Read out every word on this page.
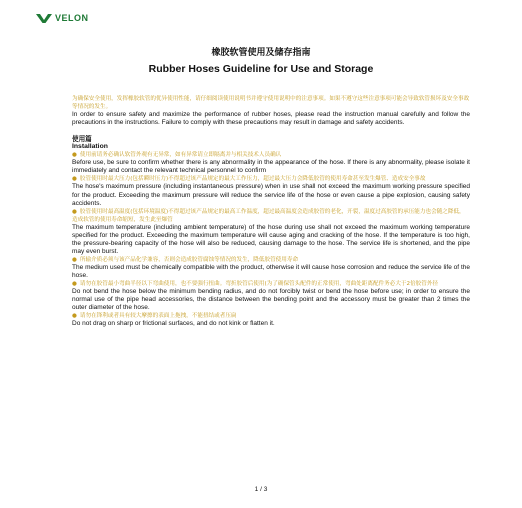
VELON
橡胶软管使用及储存指南
Rubber Hoses Guideline for Use and Storage
为确保安全使用，发挥橡胶软管的优异使用性能，请仔细阅读使用说明书并遵守使用说明中的注意事项。如果不遵守这些注意事项可能会导致软管损坏及安全事故等情况的发生。
In order to ensure safety and maximize the performance of rubber hoses, please read the instruction manual carefully and follow the precautions in the instructions. Failure to comply with these precautions may result in damage and safety accidents.
使用篇
Installation
● 使用前请务必确认软管外观有无异常，如有异常请立即隔离并与相关技术人员确认
Before use, be sure to confirm whether there is any abnormality in the appearance of the hose. If there is any abnormality, please isolate it immediately and contact the relevant technical personnel to confirm
● 胶管使用时最大压力(包括瞬时压力)不得超过该产品规定的最大工作压力，超过最大压力会降低胶管的使用寿命甚至发生爆管、造成安全事故
The hose's maximum pressure (including instantaneous pressure) when in use shall not exceed the maximum working pressure specified for the product. Exceeding the maximum pressure will reduce the service life of the hose or even cause a pipe explosion, causing safety accidents.
● 胶管使用时最高温度(包括环境温度)不得超过该产品规定的最高工作温度，超过最高温度会造成胶管的老化，开裂，温度过高胶管的承压能力也会随之降低，造成软管的使用寿命缩短，发生此至爆管
The maximum temperature (including ambient temperature) of the hose during use shall not exceed the maximum working temperature specified for the product. Exceeding the maximum temperature will cause aging and cracking of the hose. If the temperature is too high, the pressure-bearing capacity of the hose will also be reduced, causing damage to the hose. The service life is shortened, and the pipe may even burst.
● 所输介质必须与该产品化学兼容，否则会造成胶管腐蚀等情况的发生，降低胶管使用寿命
The medium used must be chemically compatible with the product, otherwise it will cause hose corrosion and reduce the service life of the hose.
● 请勿在胶管最小弯曲半径以下弯曲使用，也不要强行扭曲。弯折胶管后使用(为了确保管头配件的正常使用，弯曲处距离配件务必大于2倍胶管外径
Do not bend the hose below the minimum bending radius, and do not forcibly twist or bend the hose before use; in order to ensure the normal use of the pipe head accessories, the distance between the bending point and the accessory must be greater than 2 times the outer diameter of the hose.
● 请勿在锋利或者具有较大摩擦的表面上拖拽，不能扭结或者压扁
Do not drag on sharp or frictional surfaces, and do not kink or flatten it.
1 / 3
